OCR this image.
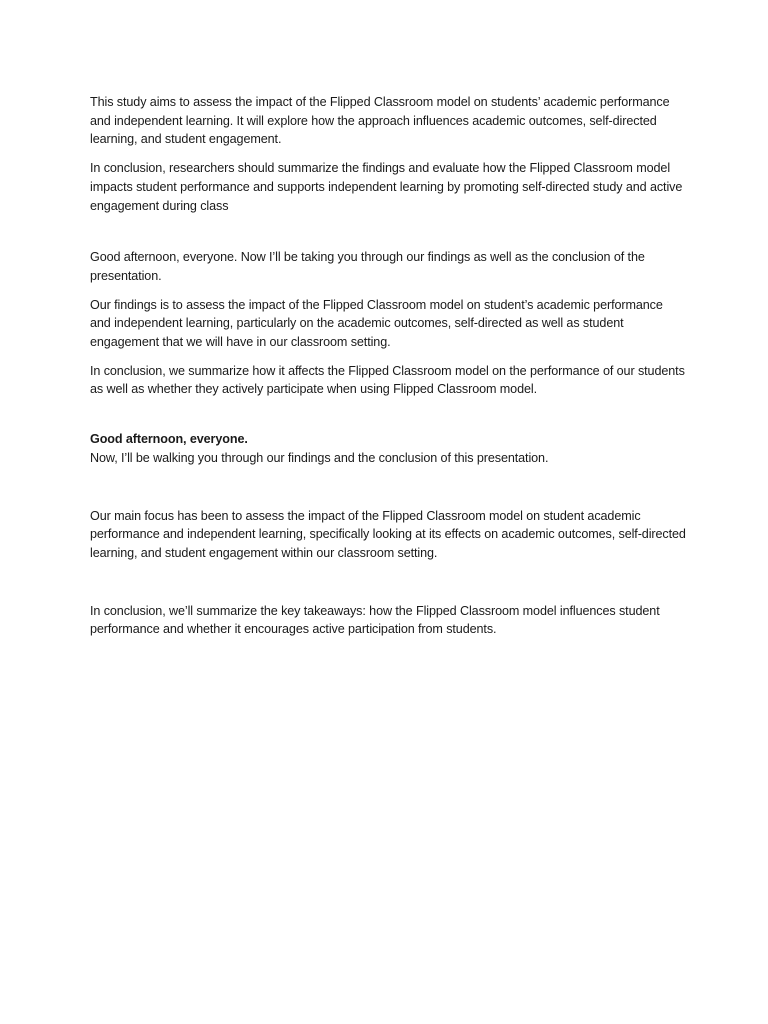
This study aims to assess the impact of the Flipped Classroom model on students’ academic performance and independent learning. It will explore how the approach influences academic outcomes, self-directed learning, and student engagement.

In conclusion, researchers should summarize the findings and evaluate how the Flipped Classroom model impacts student performance and supports independent learning by promoting self-directed study and active engagement during class

Good afternoon, everyone. Now I’ll be taking you through our findings as well as the conclusion of the presentation.

Our findings is to assess the impact of the Flipped Classroom model on student’s academic performance and independent learning, particularly on the academic outcomes, self-directed as well as student engagement that we will have in our classroom setting.

In conclusion, we summarize how it affects the Flipped Classroom model on the performance of our students as well as whether they actively participate when using Flipped Classroom model.

Good afternoon, everyone.

Now, I’ll be walking you through our findings and the conclusion of this presentation.

Our main focus has been to assess the impact of the Flipped Classroom model on student academic performance and independent learning, specifically looking at its effects on academic outcomes, self-directed learning, and student engagement within our classroom setting.

In conclusion, we’ll summarize the key takeaways: how the Flipped Classroom model influences student performance and whether it encourages active participation from students.
